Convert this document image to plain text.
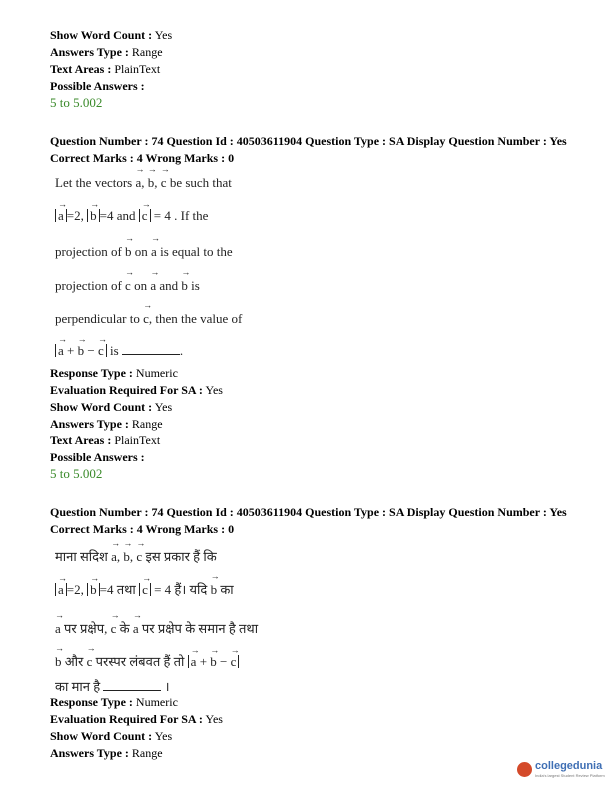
Show Word Count : Yes
Answers Type : Range
Text Areas : PlainText
Possible Answers :
5 to 5.002
Question Number : 74 Question Id : 40503611904 Question Type : SA Display Question Number : Yes
Correct Marks : 4 Wrong Marks : 0
Let the vectors → a, → b, → c be such that
→ a =2, → b =4 and → c = 4 . If the
projection of → b on → a is equal to the
projection of → c on → a and → b is
perpendicular to → c, then the value of
→ a + → b − → c is	.
Response Type : Numeric
Evaluation Required For SA : Yes
Show Word Count : Yes
Answers Type : Range
Text Areas : PlainText
Possible Answers :
5 to 5.002
Question Number : 74 Question Id : 40503611904 Question Type : SA Display Question Number : Yes
Correct Marks : 4 Wrong Marks : 0
माना सदिश → a, → b, → c इस प्रकार हैं कि
→ a =2, → b =4 तथा → c = 4 हैं। यदि → b का
→ a पर प्रक्षेप, → c के → a पर प्रक्षेप के समान है तथा
→ b और → c परस्पर लंबवत हैं तो → a + → b − → c
का मान है	।
Response Type : Numeric
Evaluation Required For SA : Yes
Show Word Count : Yes
Answers Type : Range
collegedunia
India's largest Student Review Platform
